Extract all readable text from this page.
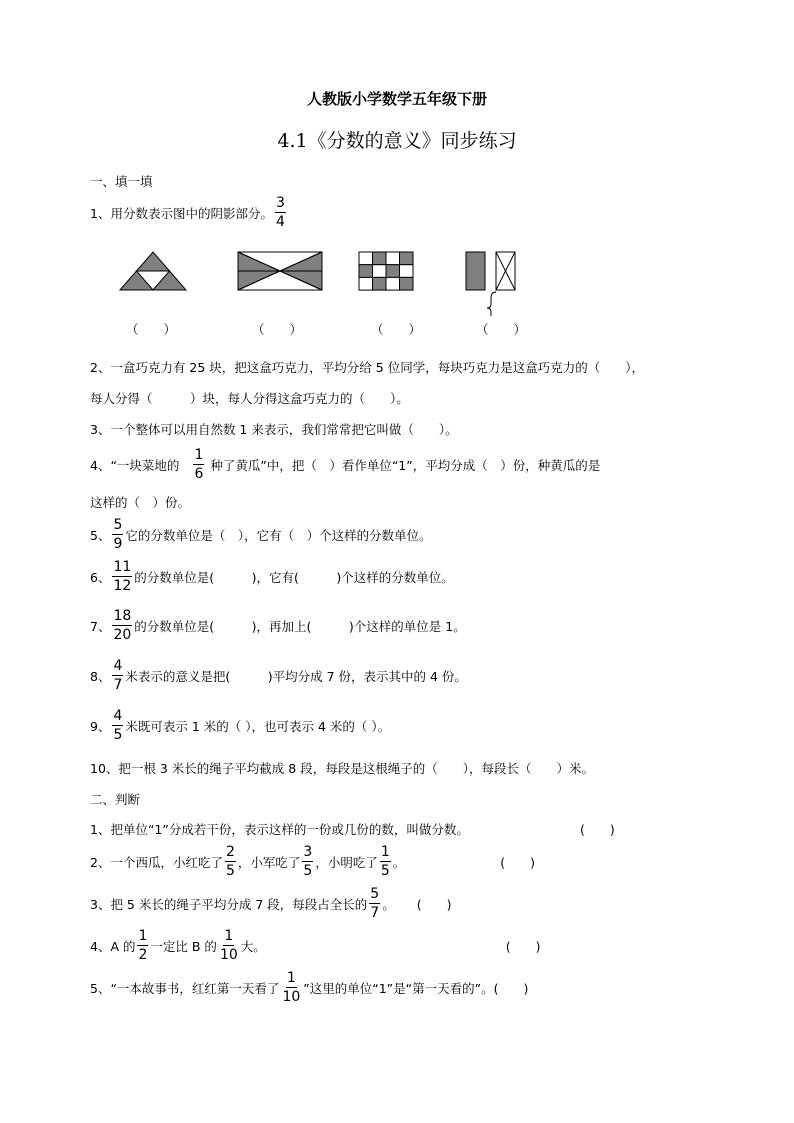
人教版小学数学五年级下册
4.1《分数的意义》同步练习
一、填一填
1、用分数表示图中的阴影部分。 $\frac{3}{4}$
（　　）	（　　）	（　　）	（　　）
2、一盒巧克力有 25 块，把这盒巧克力，平均分给 5 位同学，每块巧克力是这盒巧克力的（　　），
每人分得（　　　）块，每人分得这盒巧克力的（　　）。
3、一个整体可以用自然数 1 来表示，我们常常把它叫做（　　）。
4、“一块菜地的 $\frac{1}{6}$ 种了黄瓜”中，把（　）看作单位“1”，平均分成（　）份，种黄瓜的是
这样的（　）份。
5、 $\frac{5}{9}$ 它的分数单位是（　），它有（　）个这样的分数单位。
6、 $\frac{11}{12}$ 的分数单位是(　　　)，它有(　　　)个这样的分数单位。
7、 $\frac{18}{20}$ 的分数单位是(　　　)，再加上(　　　)个这样的单位是 1。
8、 $\frac{4}{7}$ 米表示的意义是把(　　　)平均分成 7 份，表示其中的 4 份。
9、 $\frac{4}{5}$ 米既可表示 1 米的（ ），也可表示 4 米的（ ）。
10、把一根 3 米长的绳子平均截成 8 段，每段是这根绳子的（　　），每段长（　　）米。
二、判断
1、把单位“1”分成若干份，表示这样的一份或几份的数，叫做分数。	(　　)
2、一个西瓜，小红吃了 $\frac{2}{5}$ ，小军吃了 $\frac{3}{5}$ ，小明吃了 $\frac{1}{5}$ 。	(　　)
3、把 5 米长的绳子平均分成 7 段，每段占全长的 $\frac{5}{7}$ 。 (　　)
4、A 的 $\frac{1}{2}$ 一定比 B 的 $\frac{1}{10}$ 大。	(　　)
5、“一本故事书，红红第一天看了 $\frac{1}{10}$ ”这里的单位“1”是“第一天看的”。 (　　)
